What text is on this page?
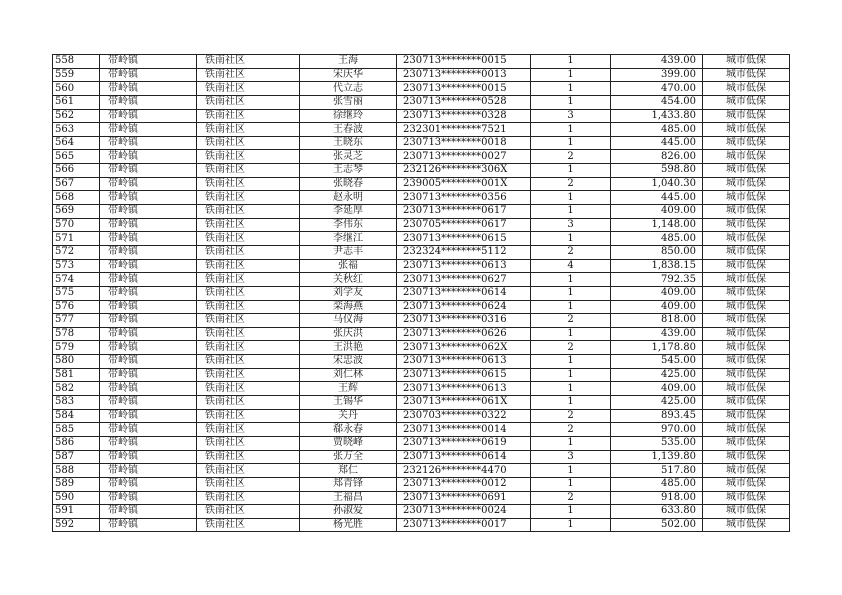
558	带岭镇	铁南社区	王海	230713********0015	1	439.00	城市低保
559	带岭镇	铁南社区	宋庆华	230713********0013	1	399.00	城市低保
560	带岭镇	铁南社区	代立志	230713********0015	1	470.00	城市低保
561	带岭镇	铁南社区	张雪丽	230713********0528	1	454.00	城市低保
562	带岭镇	铁南社区	徐继玲	230713********0328	3	1,433.80	城市低保
563	带岭镇	铁南社区	王春波	232301********7521	1	485.00	城市低保
564	带岭镇	铁南社区	王晓东	230713********0018	1	445.00	城市低保
565	带岭镇	铁南社区	张灵芝	230713********0027	2	826.00	城市低保
566	带岭镇	铁南社区	王志琴	232126********306X	1	598.80	城市低保
567	带岭镇	铁南社区	张晓春	239005********001X	2	1,040.30	城市低保
568	带岭镇	铁南社区	赵永明	230713********0356	1	445.00	城市低保
569	带岭镇	铁南社区	李延厚	230713********0617	1	409.00	城市低保
570	带岭镇	铁南社区	李伟东	230705********0617	3	1,148.00	城市低保
571	带岭镇	铁南社区	李继江	230713********0615	1	485.00	城市低保
572	带岭镇	铁南社区	尹志丰	232324********5112	2	850.00	城市低保
573	带岭镇	铁南社区	张福	230713********0613	4	1,838.15	城市低保
574	带岭镇	铁南社区	关秋红	230713********0627	1	792.35	城市低保
575	带岭镇	铁南社区	刘学友	230713********0614	1	409.00	城市低保
576	带岭镇	铁南社区	栾海燕	230713********0624	1	409.00	城市低保
577	带岭镇	铁南社区	马仪海	230713********0316	2	818.00	城市低保
578	带岭镇	铁南社区	张庆洪	230713********0626	1	439.00	城市低保
579	带岭镇	铁南社区	王洪艳	230713********062X	2	1,178.80	城市低保
580	带岭镇	铁南社区	宋忠波	230713********0613	1	545.00	城市低保
581	带岭镇	铁南社区	刘仁林	230713********0615	1	425.00	城市低保
582	带岭镇	铁南社区	王辉	230713********0613	1	409.00	城市低保
583	带岭镇	铁南社区	王锡华	230713********061X	1	425.00	城市低保
584	带岭镇	铁南社区	关丹	230703********0322	2	893.45	城市低保
585	带岭镇	铁南社区	郗永春	230713********0014	2	970.00	城市低保
586	带岭镇	铁南社区	贾晓峰	230713********0619	1	535.00	城市低保
587	带岭镇	铁南社区	张万全	230713********0614	3	1,139.80	城市低保
588	带岭镇	铁南社区	郑仁	232126********4470	1	517.80	城市低保
589	带岭镇	铁南社区	郑青锋	230713********0012	1	485.00	城市低保
590	带岭镇	铁南社区	王福昌	230713********0691	2	918.00	城市低保
591	带岭镇	铁南社区	孙淑爱	230713********0024	1	633.80	城市低保
592	带岭镇	铁南社区	杨光胜	230713********0017	1	502.00	城市低保
